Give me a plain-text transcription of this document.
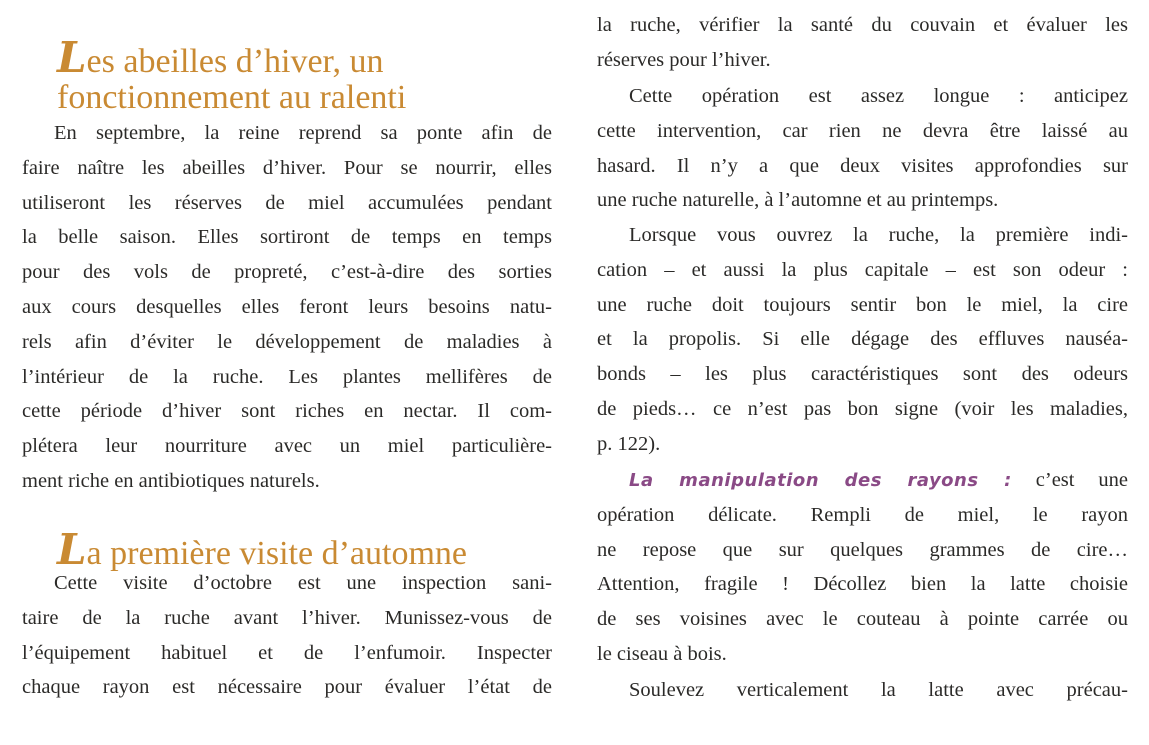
Les abeilles d’hiver, un fonctionnement au ralenti
En septembre, la reine reprend sa ponte afin de
faire naître les abeilles d’hiver. Pour se nourrir, elles
utiliseront les réserves de miel accumulées pendant
la belle saison. Elles sortiront de temps en temps
pour des vols de propreté, c’est-à-dire des sorties
aux cours desquelles elles feront leurs besoins natu-
rels afin d’éviter le développement de maladies à
l’intérieur de la ruche. Les plantes mellifères de
cette période d’hiver sont riches en nectar. Il com-
plétera leur nourriture avec un miel particulière-
ment riche en antibiotiques naturels.
La première visite d’automne
Cette visite d’octobre est une inspection sani-
taire de la ruche avant l’hiver. Munissez-vous de
l’équipement habituel et de l’enfumoir. Inspecter
chaque rayon est nécessaire pour évaluer l’état de
la ruche, vérifier la santé du couvain et évaluer les
réserves pour l’hiver.
Cette opération est assez longue : anticipez
cette intervention, car rien ne devra être laissé au
hasard. Il n’y a que deux visites approfondies sur
une ruche naturelle, à l’automne et au printemps.
Lorsque vous ouvrez la ruche, la première indi-
cation – et aussi la plus capitale – est son odeur :
une ruche doit toujours sentir bon le miel, la cire
et la propolis. Si elle dégage des effluves nauséa-
bonds – les plus caractéristiques sont des odeurs
de pieds… ce n’est pas bon signe (voir les maladies,
p. 122).
La manipulation des rayons : c’est une
opération délicate. Rempli de miel, le rayon
ne repose que sur quelques grammes de cire…
Attention, fragile ! Décollez bien la latte choisie
de ses voisines avec le couteau à pointe carrée ou
le ciseau à bois.
Soulevez verticalement la latte avec précau-
